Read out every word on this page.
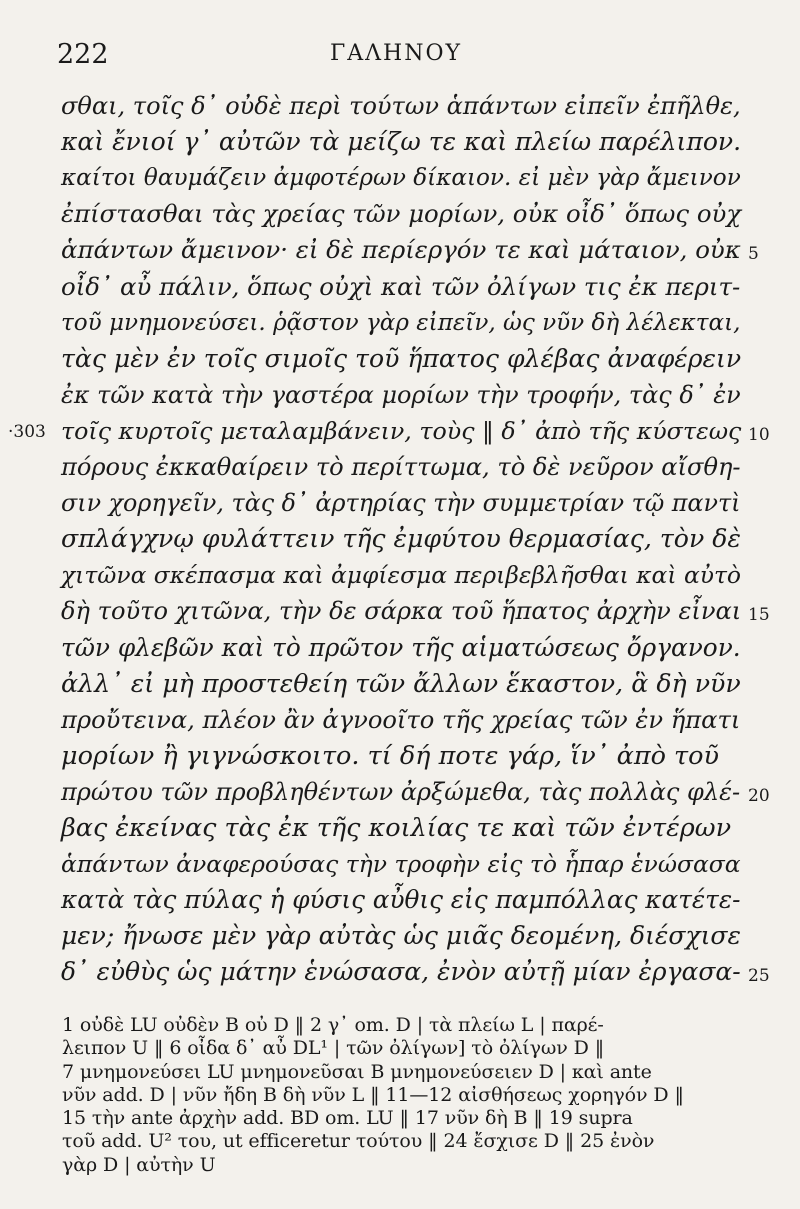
222	ΓΑΛΗΝΟΥ
σθαι, τοῖς δ᾿ οὐδὲ περὶ τούτων ἁπάντων εἰπεῖν ἐπῆλθε,
καὶ ἔνιοί γ᾿ αὐτῶν τὰ μείζω τε καὶ πλείω παρέλιπον.
καίτοι θαυμάζειν ἀμφοτέρων δίκαιον. εἰ μὲν γὰρ ἄμεινον
ἐπίστασθαι τὰς χρείας τῶν μορίων, οὐκ οἶδ᾿ ὅπως οὐχ
ἁπάντων ἄμεινον· εἰ δὲ περίεργόν τε καὶ μάταιον, οὐκ 5
οἶδ᾿ αὖ πάλιν, ὅπως οὐχὶ καὶ τῶν ὀλίγων τις ἐκ περιτ-
τοῦ μνημονεύσει. ῥᾷστον γὰρ εἰπεῖν, ὡς νῦν δὴ λέλεκται,
τὰς μὲν ἐν τοῖς σιμοῖς τοῦ ἥπατος φλέβας ἀναφέρειν
ἐκ τῶν κατὰ τὴν γαστέρα μορίων τὴν τροφήν, τὰς δ᾿ ἐν
τοῖς κυρτοῖς μεταλαμβάνειν, τοὺς ‖ δ᾿ ἀπὸ τῆς κύστεως 10
πόρους ἐκκαθαίρειν τὸ περίττωμα, τὸ δὲ νεῦρον αἴσθη-
σιν χορηγεῖν, τὰς δ᾿ ἀρτηρίας τὴν συμμετρίαν τῷ παντὶ
σπλάγχνῳ φυλάττειν τῆς ἐμφύτου θερμασίας, τὸν δὲ
χιτῶνα σκέπασμα καὶ ἀμφίεσμα περιβεβλῆσθαι καὶ αὐτὸ
δὴ τοῦτο χιτῶνα, τὴν δε σάρκα τοῦ ἥπατος ἀρχὴν εἶναι 15
τῶν φλεβῶν καὶ τὸ πρῶτον τῆς αἱματώσεως ὄργανον.
ἀλλ᾿ εἰ μὴ προστεθείη τῶν ἄλλων ἕκαστον, ἃ δὴ νῦν
προὔτεινα, πλέον ἂν ἀγνοοῖτο τῆς χρείας τῶν ἐν ἥπατι
μορίων ἢ γιγνώσκοιτο. τί δή ποτε γάρ, ἵν᾿ ἀπὸ τοῦ
πρώτου τῶν προβληθέντων ἀρξώμεθα, τὰς πολλὰς φλέ- 20
βας ἐκείνας τὰς ἐκ τῆς κοιλίας τε καὶ τῶν ἐντέρων
ἁπάντων ἀναφερούσας τὴν τροφὴν εἰς τὸ ἧπαρ ἑνώσασα
κατὰ τὰς πύλας ἡ φύσις αὖθις εἰς παμπόλλας κατέτε-
μεν; ἤνωσε μὲν γὰρ αὐτὰς ὡς μιᾶς δεομένη, διέσχισε
δ᾿ εὐθὺς ὡς μάτην ἑνώσασα, ἐνὸν αὐτῇ μίαν ἐργασα- 25
·303
1 οὐδὲ LU οὐδὲν B οὐ D ‖ 2 γ᾿ om. D | τὰ πλείω L | παρέ-
λειπον U ‖ 6 οἶδα δ᾿ αὖ DL¹ | τῶν ὀλίγων] τὸ ὀλίγων D ‖
7 μνημονεύσει LU μνημονεῦσαι B μνημονεύσειεν D | καὶ ante
νῦν add. D | νῦν ἤδη B δὴ νῦν L ‖ 11—12 αἰσθήσεως χορηγόν D ‖
15 τὴν ante ἀρχὴν add. BD om. LU ‖ 17 νῦν δὴ B ‖ 19 supra
τοῦ add. U² του, ut efficeretur τούτου ‖ 24 ἔσχισε D ‖ 25 ἐνὸν
γὰρ D | αὐτὴν U
